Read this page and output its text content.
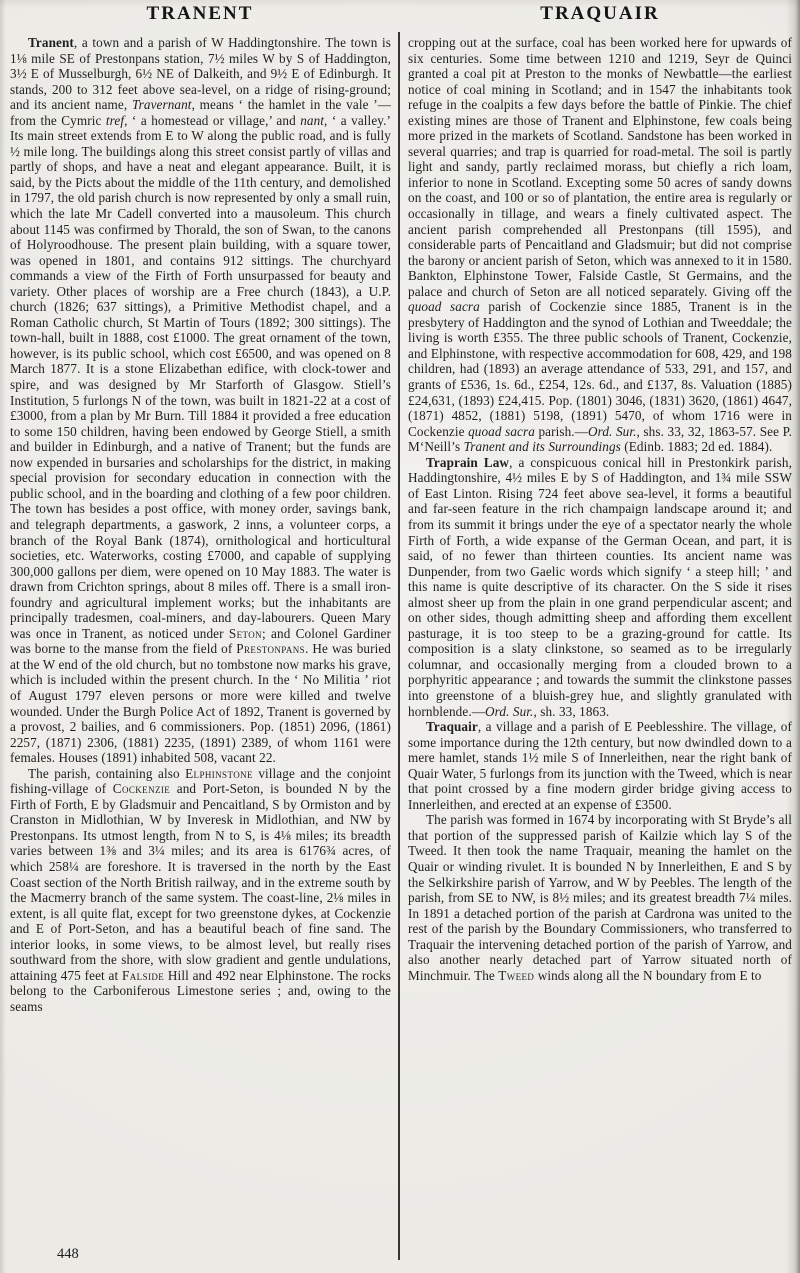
TRANENT	TRAQUAIR

Tranent, a town and a parish of W Haddingtonshire. The town is 1⅛ mile SE of Prestonpans station, 7½ miles W by S of Haddington, 3½ E of Musselburgh, 6½ NE of Dalkeith, and 9½ E of Edinburgh. It stands, 200 to 312 feet above sea-level, on a ridge of rising-ground; and its ancient name, Travernant, means ‘ the hamlet in the vale ’—from the Cymric tref, ‘ a homestead or village,’ and nant, ‘ a valley.’ Its main street extends from E to W along the public road, and is fully ½ mile long. The buildings along this street consist partly of villas and partly of shops, and have a neat and elegant appearance. Built, it is said, by the Picts about the middle of the 11th century, and demolished in 1797, the old parish church is now represented by only a small ruin, which the late Mr Cadell converted into a mausoleum. This church about 1145 was confirmed by Thorald, the son of Swan, to the canons of Holyroodhouse. The present plain building, with a square tower, was opened in 1801, and contains 912 sittings. The churchyard commands a view of the Firth of Forth unsurpassed for beauty and variety. Other places of worship are a Free church (1843), a U.P. church (1826; 637 sittings), a Primitive Methodist chapel, and a Roman Catholic church, St Martin of Tours (1892; 300 sittings). The town-hall, built in 1888, cost £1000. The great ornament of the town, however, is its public school, which cost £6500, and was opened on 8 March 1877. It is a stone Elizabethan edifice, with clock-tower and spire, and was designed by Mr Starforth of Glasgow. Stiell’s Institution, 5 furlongs N of the town, was built in 1821-22 at a cost of £3000, from a plan by Mr Burn. Till 1884 it provided a free education to some 150 children, having been endowed by George Stiell, a smith and builder in Edinburgh, and a native of Tranent; but the funds are now expended in bursaries and scholarships for the district, in making special provision for secondary education in connection with the public school, and in the boarding and clothing of a few poor children. The town has besides a post office, with money order, savings bank, and telegraph departments, a gaswork, 2 inns, a volunteer corps, a branch of the Royal Bank (1874), ornithological and horticultural societies, etc. Waterworks, costing £7000, and capable of supplying 300,000 gallons per diem, were opened on 10 May 1883. The water is drawn from Crichton springs, about 8 miles off. There is a small iron-foundry and agricultural implement works; but the inhabitants are principally tradesmen, coal-miners, and day-labourers. Queen Mary was once in Tranent, as noticed under Seton; and Colonel Gardiner was borne to the manse from the field of Prestonpans. He was buried at the W end of the old church, but no tombstone now marks his grave, which is included within the present church. In the ‘ No Militia ’ riot of August 1797 eleven persons or more were killed and twelve wounded. Under the Burgh Police Act of 1892, Tranent is governed by a provost, 2 bailies, and 6 commissioners. Pop. (1851) 2096, (1861) 2257, (1871) 2306, (1881) 2235, (1891) 2389, of whom 1161 were females. Houses (1891) inhabited 508, vacant 22.

The parish, containing also Elphinstone village and the conjoint fishing-village of Cockenzie and Port-Seton, is bounded N by the Firth of Forth, E by Gladsmuir and Pencaitland, S by Ormiston and by Cranston in Midlothian, W by Inveresk in Midlothian, and NW by Prestonpans. Its utmost length, from N to S, is 4⅛ miles; its breadth varies between 1⅜ and 3¼ miles; and its area is 6176¾ acres, of which 258¼ are foreshore. It is traversed in the north by the East Coast section of the North British railway, and in the extreme south by the Macmerry branch of the same system. The coast-line, 2⅛ miles in extent, is all quite flat, except for two greenstone dykes, at Cockenzie and E of Port-Seton, and has a beautiful beach of fine sand. The interior looks, in some views, to be almost level, but really rises southward from the shore, with slow gradient and gentle undulations, attaining 475 feet at Falside Hill and 492 near Elphinstone. The rocks belong to the Carboniferous Limestone series ; and, owing to the seams

cropping out at the surface, coal has been worked here for upwards of six centuries. Some time between 1210 and 1219, Seyr de Quinci granted a coal pit at Preston to the monks of Newbattle—the earliest notice of coal mining in Scotland; and in 1547 the inhabitants took refuge in the coalpits a few days before the battle of Pinkie. The chief existing mines are those of Tranent and Elphinstone, few coals being more prized in the markets of Scotland. Sandstone has been worked in several quarries; and trap is quarried for road-metal. The soil is partly light and sandy, partly reclaimed morass, but chiefly a rich loam, inferior to none in Scotland. Excepting some 50 acres of sandy downs on the coast, and 100 or so of plantation, the entire area is regularly or occasionally in tillage, and wears a finely cultivated aspect. The ancient parish comprehended all Prestonpans (till 1595), and considerable parts of Pencaitland and Gladsmuir; but did not comprise the barony or ancient parish of Seton, which was annexed to it in 1580. Bankton, Elphinstone Tower, Falside Castle, St Germains, and the palace and church of Seton are all noticed separately. Giving off the quoad sacra parish of Cockenzie since 1885, Tranent is in the presbytery of Haddington and the synod of Lothian and Tweeddale; the living is worth £355. The three public schools of Tranent, Cockenzie, and Elphinstone, with respective accommodation for 608, 429, and 198 children, had (1893) an average attendance of 533, 291, and 157, and grants of £536, 1s. 6d., £254, 12s. 6d., and £137, 8s. Valuation (1885) £24,631, (1893) £24,415. Pop. (1801) 3046, (1831) 3620, (1861) 4647, (1871) 4852, (1881) 5198, (1891) 5470, of whom 1716 were in Cockenzie quoad sacra parish.—Ord. Sur., shs. 33, 32, 1863-57. See P. M‘Neill’s Tranent and its Surroundings (Edinb. 1883; 2d ed. 1884).

Traprain Law, a conspicuous conical hill in Prestonkirk parish, Haddingtonshire, 4½ miles E by S of Haddington, and 1¾ mile SSW of East Linton. Rising 724 feet above sea-level, it forms a beautiful and far-seen feature in the rich champaign landscape around it; and from its summit it brings under the eye of a spectator nearly the whole Firth of Forth, a wide expanse of the German Ocean, and part, it is said, of no fewer than thirteen counties. Its ancient name was Dunpender, from two Gaelic words which signify ‘ a steep hill; ’ and this name is quite descriptive of its character. On the S side it rises almost sheer up from the plain in one grand perpendicular ascent; and on other sides, though admitting sheep and affording them excellent pasturage, it is too steep to be a grazing-ground for cattle. Its composition is a slaty clinkstone, so seamed as to be irregularly columnar, and occasionally merging from a clouded brown to a porphyritic appearance ; and towards the summit the clinkstone passes into greenstone of a bluish-grey hue, and slightly granulated with hornblende.—Ord. Sur., sh. 33, 1863.

Traquair, a village and a parish of E Peeblesshire. The village, of some importance during the 12th century, but now dwindled down to a mere hamlet, stands 1½ mile S of Innerleithen, near the right bank of Quair Water, 5 furlongs from its junction with the Tweed, which is near that point crossed by a fine modern girder bridge giving access to Innerleithen, and erected at an expense of £3500.

The parish was formed in 1674 by incorporating with St Bryde’s all that portion of the suppressed parish of Kailzie which lay S of the Tweed. It then took the name Traquair, meaning the hamlet on the Quair or winding rivulet. It is bounded N by Innerleithen, E and S by the Selkirkshire parish of Yarrow, and W by Peebles. The length of the parish, from SE to NW, is 8½ miles; and its greatest breadth 7¼ miles. In 1891 a detached portion of the parish at Cardrona was united to the rest of the parish by the Boundary Commissioners, who transferred to Traquair the intervening detached portion of the parish of Yarrow, and also another nearly detached part of Yarrow situated north of Minchmuir. The Tweed winds along all the N boundary from E to

448
